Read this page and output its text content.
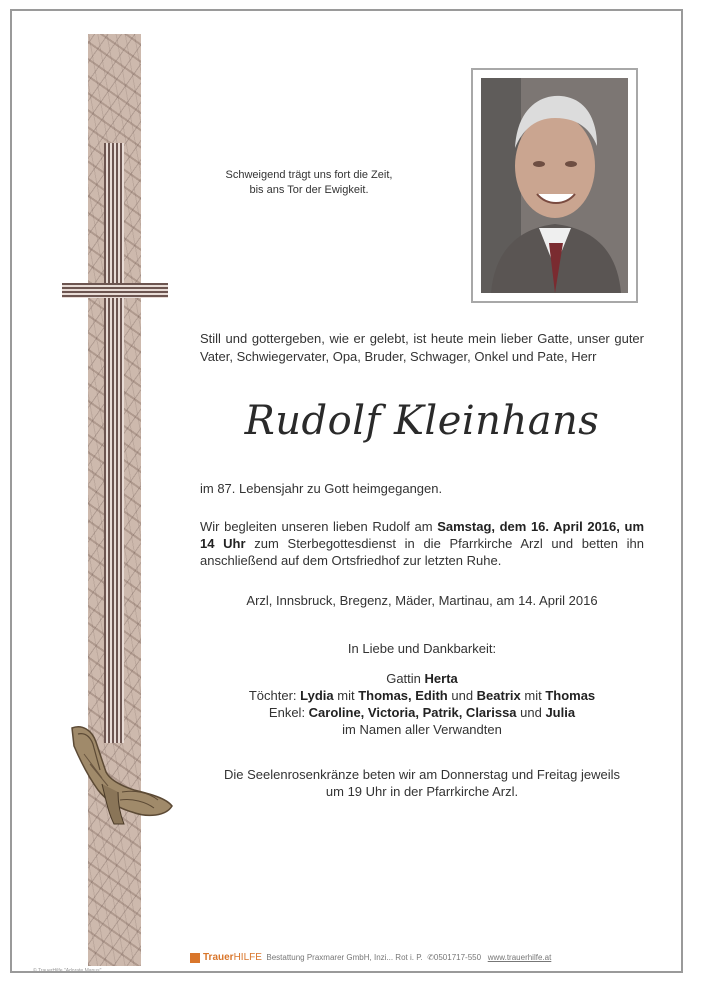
Schweigend trägt uns fort die Zeit,
bis ans Tor der Ewigkeit.
Still und gottergeben, wie er gelebt, ist heute mein lieber Gatte, unser guter Vater, Schwiegervater, Opa, Bruder, Schwager, Onkel und Pate, Herr
Rudolf Kleinhans
im 87. Lebensjahr zu Gott heimgegangen.
Wir begleiten unseren lieben Rudolf am Samstag, dem 16. April 2016, um 14 Uhr zum Sterbegottesdienst in die Pfarrkirche Arzl und betten ihn anschließend auf dem Ortsfriedhof zur letzten Ruhe.
Arzl, Innsbruck, Bregenz, Mäder, Martinau, am 14. April 2016
In Liebe und Dankbarkeit:
Gattin Herta
Töchter: Lydia mit Thomas, Edith und Beatrix mit Thomas
Enkel: Caroline, Victoria, Patrik, Clarissa und Julia
im Namen aller Verwandten
Die Seelenrosenkränze beten wir am Donnerstag und Freitag jeweils
um 19 Uhr in der Pfarrkirche Arzl.
TrauerHILFE Bestattung Praxmarer GmbH, Inzi... Rot i. P. ✆0501717-550 www.trauerhilfe.at
© TrauerHilfe "Adorate Manus"
